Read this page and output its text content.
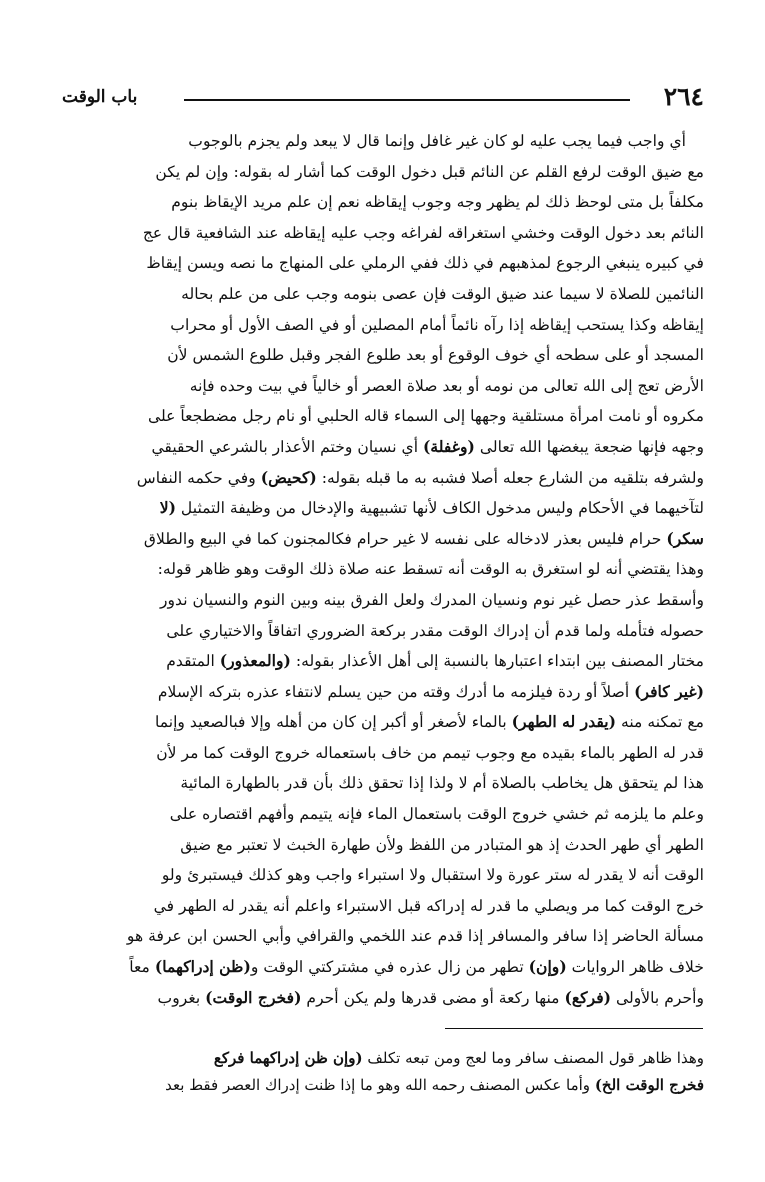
٢٦٤
باب الوقت
أي واجب فيما يجب عليه لو كان غير غافل وإنما قال لا يبعد ولم يجزم بالوجوب
مع ضيق الوقت لرفع القلم عن النائم قبل دخول الوقت كما أشار له بقوله: وإن لم يكن
مكلفاً بل متى لوحظ ذلك لم يظهر وجه وجوب إيقاظه نعم إن علم مريد الإيقاظ بنوم
النائم بعد دخول الوقت وخشي استغراقه لفراغه وجب عليه إيقاظه عند الشافعية قال عج
في كبيره ينبغي الرجوع لمذهبهم في ذلك ففي الرملي على المنهاج ما نصه ويسن إيقاظ
النائمين للصلاة لا سيما عند ضيق الوقت فإن عصى بنومه وجب على من علم بحاله
إيقاظه وكذا يستحب إيقاظه إذا رآه نائماً أمام المصلين أو في الصف الأول أو محراب
المسجد أو على سطحه أي خوف الوقوع أو بعد طلوع الفجر وقبل طلوع الشمس لأن
الأرض تعج إلى الله تعالى من نومه أو بعد صلاة العصر أو خالياً في بيت وحده فإنه
مكروه أو نامت امرأة مستلقية وجهها إلى السماء قاله الحلبي أو نام رجل مضطجعاً على
وجهه فإنها ضجعة يبغضها الله تعالى (وغفلة) أي نسيان وختم الأعذار بالشرعي الحقيقي
ولشرفه بتلقيه من الشارع جعله أصلا فشبه به ما قبله بقوله: (كحيض) وفي حكمه النفاس
لتآخيهما في الأحكام وليس مدخول الكاف لأنها تشبيهية والإدخال من وظيفة التمثيل (لا
سكر) حرام فليس بعذر لادخاله على نفسه لا غير حرام فكالمجنون كما في البيع والطلاق
وهذا يقتضي أنه لو استغرق به الوقت أنه تسقط عنه صلاة ذلك الوقت وهو ظاهر قوله:
وأسقط عذر حصل غير نوم ونسيان المدرك ولعل الفرق بينه وبين النوم والنسيان ندور
حصوله فتأمله ولما قدم أن إدراك الوقت مقدر بركعة الضروري اتفاقاً والاختياري على
مختار المصنف بين ابتداء اعتبارها بالنسبة إلى أهل الأعذار بقوله: (والمعذور) المتقدم
(غير كافر) أصلاً أو ردة فيلزمه ما أدرك وقته من حين يسلم لانتفاء عذره بتركه الإسلام
مع تمكنه منه (يقدر له الطهر) بالماء لأصغر أو أكبر إن كان من أهله وإلا فبالصعيد وإنما
قدر له الطهر بالماء بقيده مع وجوب تيمم من خاف باستعماله خروج الوقت كما مر لأن
هذا لم يتحقق هل يخاطب بالصلاة أم لا ولذا إذا تحقق ذلك بأن قدر بالطهارة المائية
وعلم ما يلزمه ثم خشي خروج الوقت باستعمال الماء فإنه يتيمم وأفهم اقتصاره على
الطهر أي طهر الحدث إذ هو المتبادر من اللفظ ولأن طهارة الخبث لا تعتبر مع ضيق
الوقت أنه لا يقدر له ستر عورة ولا استقبال ولا استبراء واجب وهو كذلك فيستبرئ ولو
خرج الوقت كما مر ويصلي ما قدر له إدراكه قبل الاستبراء واعلم أنه يقدر له الطهر في
مسألة الحاضر إذا سافر والمسافر إذا قدم عند اللخمي والقرافي وأبي الحسن ابن عرفة هو
خلاف ظاهر الروايات (وإن) تطهر من زال عذره في مشتركتي الوقت و(ظن إدراكهما) معاً
وأحرم بالأولى (فركع) منها ركعة أو مضى قدرها ولم يكن أحرم (فخرج الوقت) بغروب
وهذا ظاهر قول المصنف سافر وما لعج ومن تبعه تكلف (وإن ظن إدراكهما فركع
فخرج الوقت الخ) وأما عكس المصنف رحمه الله وهو ما إذا ظنت إدراك العصر فقط بعد
